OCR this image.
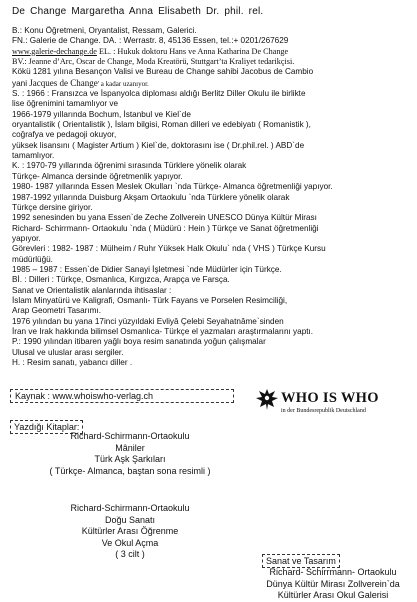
De Change Margaretha Anna Elisabeth Dr. phil. rel.
B.: Konu Öğretmeni, Oryantalist, Ressam, Galerici.
FN.: Galerie de Change. DA. : Werrastr. 8, 45136 Essen, tel.:+ 0201/267629
www.galerie-dechange.de EL. : Hukuk doktoru Hans ve Anna Katharina De Change
BV.: Jeanne d’Arc, Oscar de Change, Moda Kreatörü, Stuttgart’ta Kraliyet tedarikçisi.
Kökü 1281 yılına Besançon Valisi ve Bureau de Change sahibi Jacobus de Cambio
yani Jacques de Change' a kadar uzanıyor.
S. : 1966 : Fransızca ve İspanyolca diploması aldığı Berlitz Diller Okulu ile birlikte
lise öğrenimini tamamlıyor ve
1966-1979 yıllarında Bochum, İstanbul ve Kiel`de
oryantalistik ( Orientalistik ), İslam bilgisi, Roman dilleri ve edebiyatı ( Romanistik ),
coğrafya ve pedagoji okuyor,
yüksek lisansını ( Magister Artium ) Kiel`de, doktorasını ise ( Dr.phil.rel. ) ABD`de
tamamlıyor.
K. : 1970-79 yıllarında öğrenimi sırasında Türklere yönelik olarak
Türkçe- Almanca dersinde öğretmenlik yapıyor.
1980- 1987 yıllarında Essen Meslek Okulları `nda Türkçe- Almanca öğretmenliği yapıyor.
1987-1992 yıllarında Duisburg Akşam Ortaokulu `nda Türklere yönelik olarak
Türkçe dersine giriyor.
1992 senesinden bu yana Essen`de Zeche Zollverein UNESCO Dünya Kültür Mirası
Richard- Schirrmann- Ortaokulu `nda ( Müdürü : Hein ) Türkçe ve Sanat öğretmenliği
yapıyor.
Görevleri : 1982- 1987 : Mülheim / Ruhr Yüksek Halk Okulu` nda ( VHS ) Türkçe Kursu
müdürlüğü.
1985 – 1987 : Essen`de Didier Sanayi İşletmesi `nde Müdürler için Türkçe.
Bİ. : Dilleri : Türkçe, Osmanlıca, Kırgızca, Arapça ve Farsça.
Sanat ve Orientalistik alanlarında ihtisaslar :
İslam Minyatürü ve Kaligrafi, Osmanlı- Türk Fayans ve Porselen Resimciliği,
Arap Geometri Tasarımı.
1976 yılından bu yana 17inci yüzyıldaki Evliyâ Çelebi Seyahatnâme`sinden
İran ve Irak hakkında bilimsel Osmanlıca- Türkçe el yazmaları araştırmalarını yaptı.
P.: 1990 yılından itibaren yağlı boya resim sanatında yoğun çalışmalar
Ulusal ve uluslar arası sergiler.
H. : Resim sanatı, yabancı diller .
Kaynak : www.whoiswho-verlag.ch	WHO IS WHO
in der Bundesrepublik Deutschland
Yazdığı Kitaplar:
Richard-Schirmann-Ortaokulu
Mâniler
Türk Aşk Şarkıları
( Türkçe- Almanca, baştan sona resimli )
Richard-Schirmann-Ortaokulu
Doğu Sanatı
Kültürler Arası Öğrenme
Ve Okul Açma
( 3 cilt )
Sanat ve Tasarım
Richard- Schirrmann- Ortaokulu
Dünya Kültür Mirası Zollverein`da
Kültürler Arası Okul Galerisi
